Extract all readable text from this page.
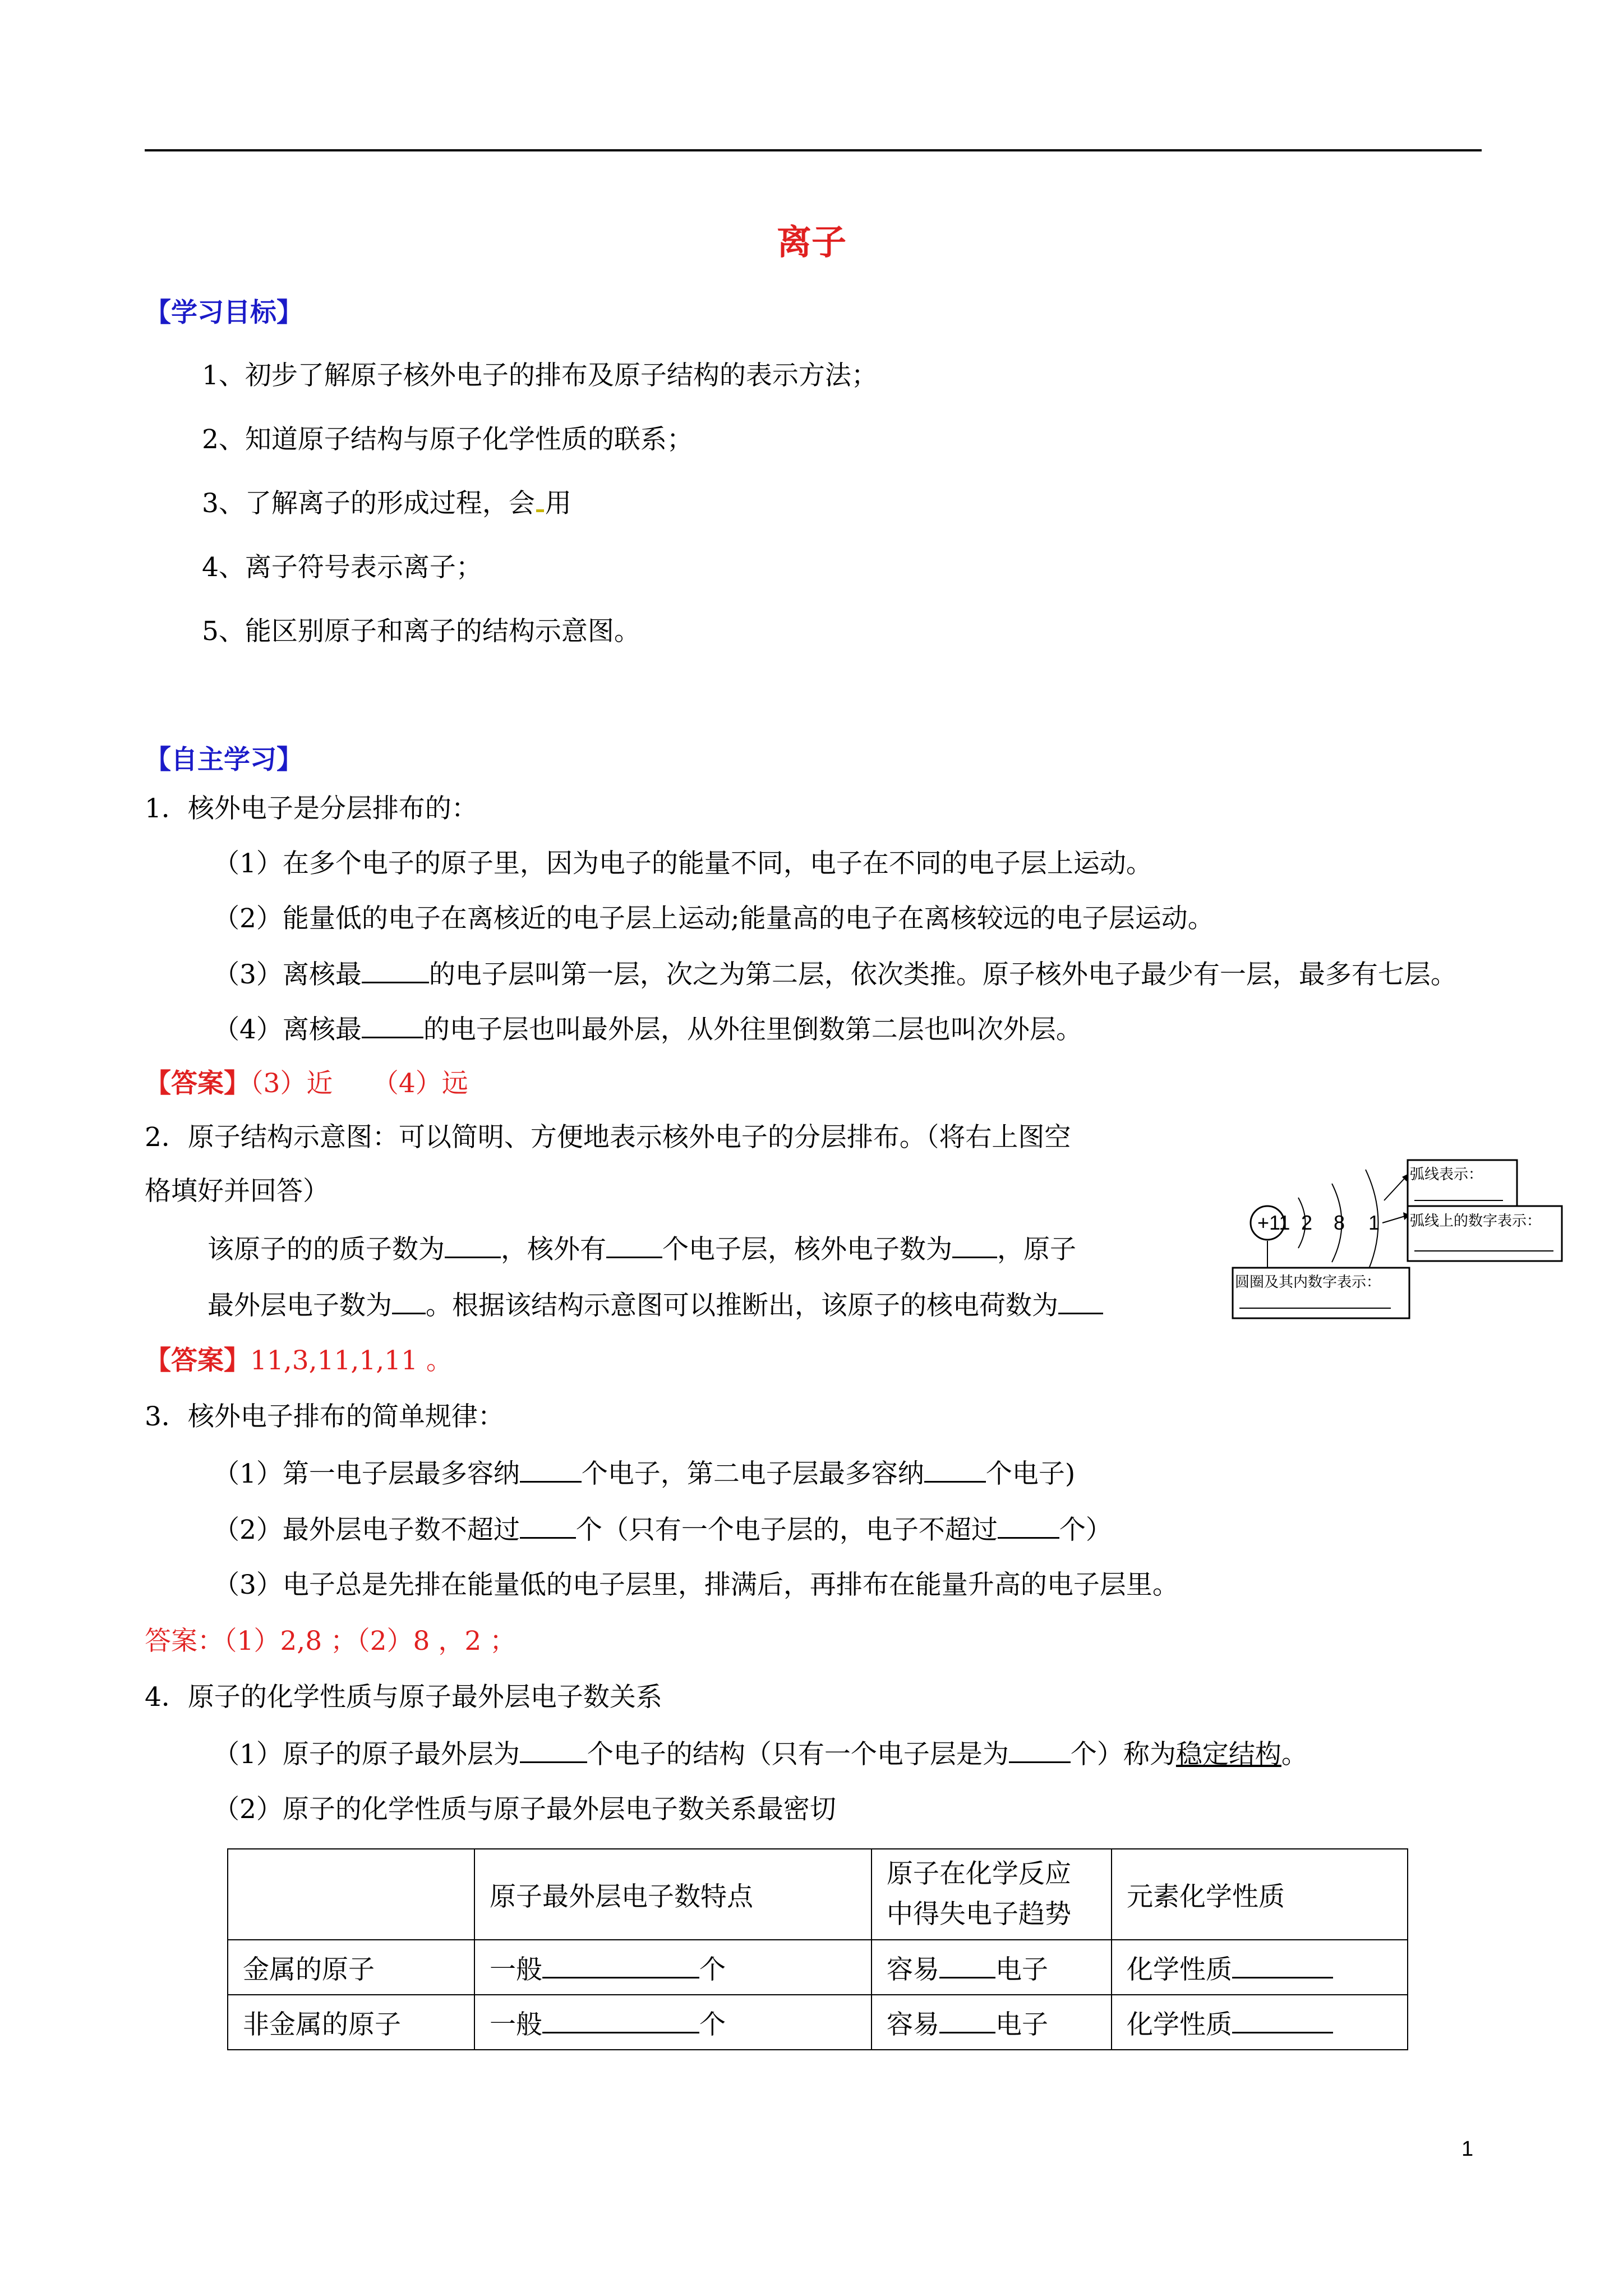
离子
【学习目标】
1、初步了解原子核外电子的排布及原子结构的表示方法；
2、知道原子结构与原子化学性质的联系；
3、了解离子的形成过程，会 用
4、离子符号表示离子；
5、能区别原子和离子的结构示意图。
【自主学习】
1．核外电子是分层排布的：
（1）在多个电子的原子里，因为电子的能量不同，电子在不同的电子层上运动。
（2）能量低的电子在离核近的电子层上运动;能量高的电子在离核较远的电子层运动。
（3）离核最	的电子层叫第一层，次之为第二层，依次类推。原子核外电子最少有一层，最多有七层。
（4）离核最 的电子层也叫最外层，从外往里倒数第二层也叫次外层。
【答案】（3）近　　（4）远
2．原子结构示意图：可以简明、方便地表示核外电子的分层排布。（将右上图空
格填好并回答）
该原子的的质子数为 ，核外有 个电子层，核外电子数为 ，原子
最外层电子数为 。根据该结构示意图可以推断出，该原子的核电荷数为
【答案】11,3,11,1,11 。
+11 2 8 1
弧线表示：
弧线上的数字表示：
圆圈及其内数字表示：
3．核外电子排布的简单规律：
（1）第一电子层最多容纳 个电子，第二电子层最多容纳 个电子)
（2）最外层电子数不超过 个（只有一个电子层的，电子不超过 个）
（3）电子总是先排在能量低的电子层里，排满后，再排布在能量升高的电子层里。
答案：（1）2,8 ；（2）8 ，2 ；
4．原子的化学性质与原子最外层电子数关系
（1）原子的原子最外层为	个电子的结构（只有一个电子层是为 个）称为稳定结构。
（2）原子的化学性质与原子最外层电子数关系最密切
	原子最外层电子数特点	原子在化学反应
中得失电子趋势	元素化学性质
金属的原子	一般 个	容易 电子	化学性质
非金属的原子	一般 个	容易 电子	化学性质
1
